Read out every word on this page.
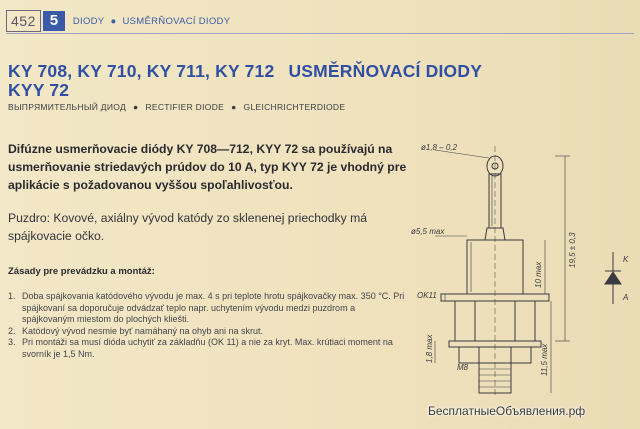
452 5	DIODY ● USMĚRŇOVACÍ DIODY
KY 708, KY 710, KY 711, KY 712 USMĚRŇOVACÍ DIODY
KYY 72
ВЫПРЯМИТЕЛЬНЫЙ ДИОД ● RECTIFIER DIODE ● GLEICHRICHTERDIODE
Difúzne usmerňovacie diódy KY 708—712, KYY 72 sa používajú na usmerňovanie striedavých prúdov do 10 A, typ KYY 72 je vhodný pre aplikácie s požadovanou vyššou spoľahlivosťou.
Puzdro: Kovové, axiálny vývod katódy zo sklenenej priechodky má spájkovacie očko.
Zásady pre prevádzku a montáž:
1. Doba spájkovania katódového vývodu je max. 4 s pri teplote hrotu spájkovačky max. 350 °C. Pri spájkovaní sa doporučuje odvádzať teplo napr. uchytením vývodu medzi puzdrom a spájkovaným miestom do plochých kliešti.
2. Katódový vývod nesmie byť namáhaný na ohyb ani na skrut.
3. Pri montáži sa musí dióda uchytiť za základňu (OK 11) a nie za kryt. Max. krútiaci moment na svorník je 1,5 Nm.
ø1,8 – 0,2
ø5,5 max
19,5 ± 0,3
10 max
11,5 max
1,8 max
OK11
M8
K
A
БесплатныеОбъявления.рф
